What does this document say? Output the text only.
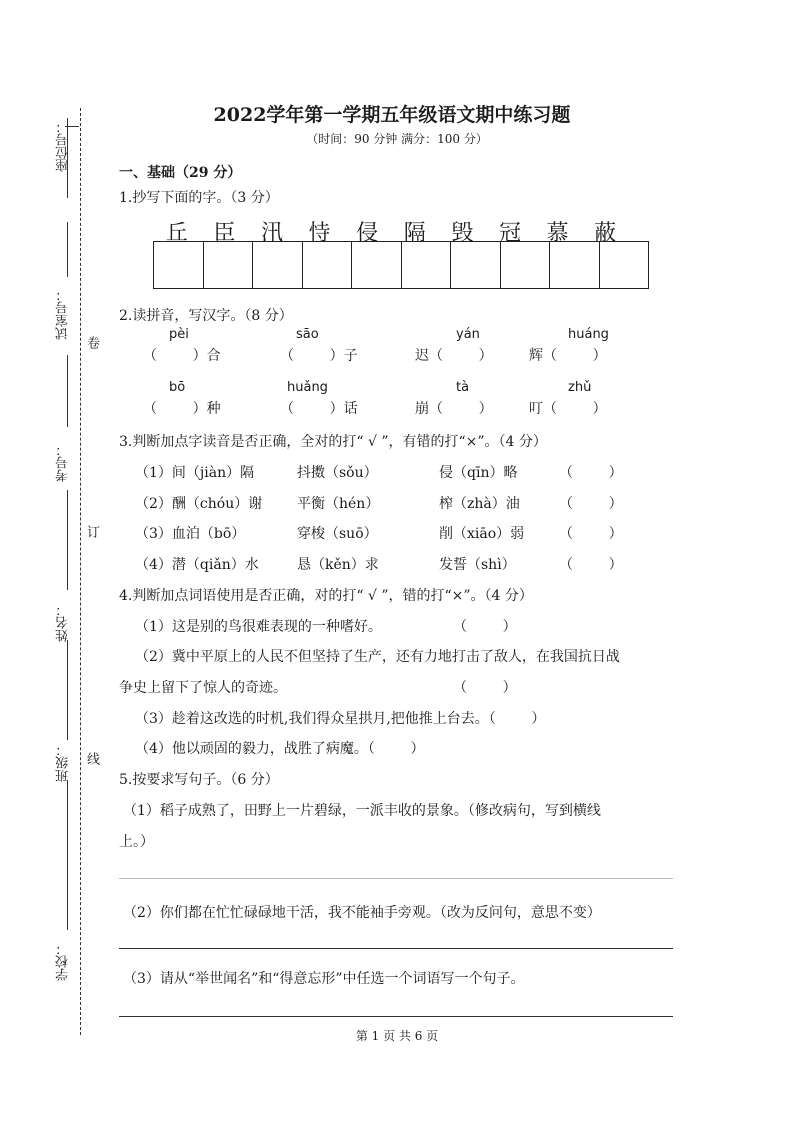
座位号：
试室号：
卷
考号：
订
姓名：
班级： 线
学校：
2022学年第一学期五年级语文期中练习题
（时间：90 分钟 满分：100 分）
一、基础（29 分）
1.抄写下面的字。（3 分）
丘	臣	汛	恃	侵	隔	毁	冠	慕	蔽
2.读拼音，写汉字。（8 分）
pèi	sāo	yán	huáng
（        ）合	（        ）子	迟（        ）	辉（        ）
bō	huǎng	tà	zhǔ
（        ）种	（        ）话	崩（        ）	叮（        ）
3.判断加点字读音是否正确，全对的打“ √ ”，有错的打“×”。（4 分）
（1）间（jiàn）隔	抖擞（sǒu）	侵（qīn）略	（        ）
（2）酬（chóu）谢 平衡（hén）	榨（zhà）油	（        ）
（3）血泊（bō）	穿梭（suō）	削（xiāo）弱 （        ）
（4）潜（qiǎn）水	恳（kěn）求	发誓（shì）	（        ）
4.判断加点词语使用是否正确，对的打“ √ ”，错的打“×”。（4 分）
（1）这是别的鸟很难表现的一种嗜好。	（        ）
（2）冀中平原上的人民不但坚持了生产，还有力地打击了敌人，在我国抗日战
争史上留下了惊人的奇迹。	（        ）
（3）趁着这改选的时机,我们得众星拱月,把他推上台去。（        ）
（4）他以顽固的毅力，战胜了病魔。（        ）
5.按要求写句子。（6 分）
（1）稻子成熟了，田野上一片碧绿，一派丰收的景象。（修改病句，写到横线
上。）
（2）你们都在忙忙碌碌地干活，我不能袖手旁观。（改为反问句，意思不变）
（3）请从“举世闻名”和“得意忘形”中任选一个词语写一个句子。
第 1 页 共 6 页
